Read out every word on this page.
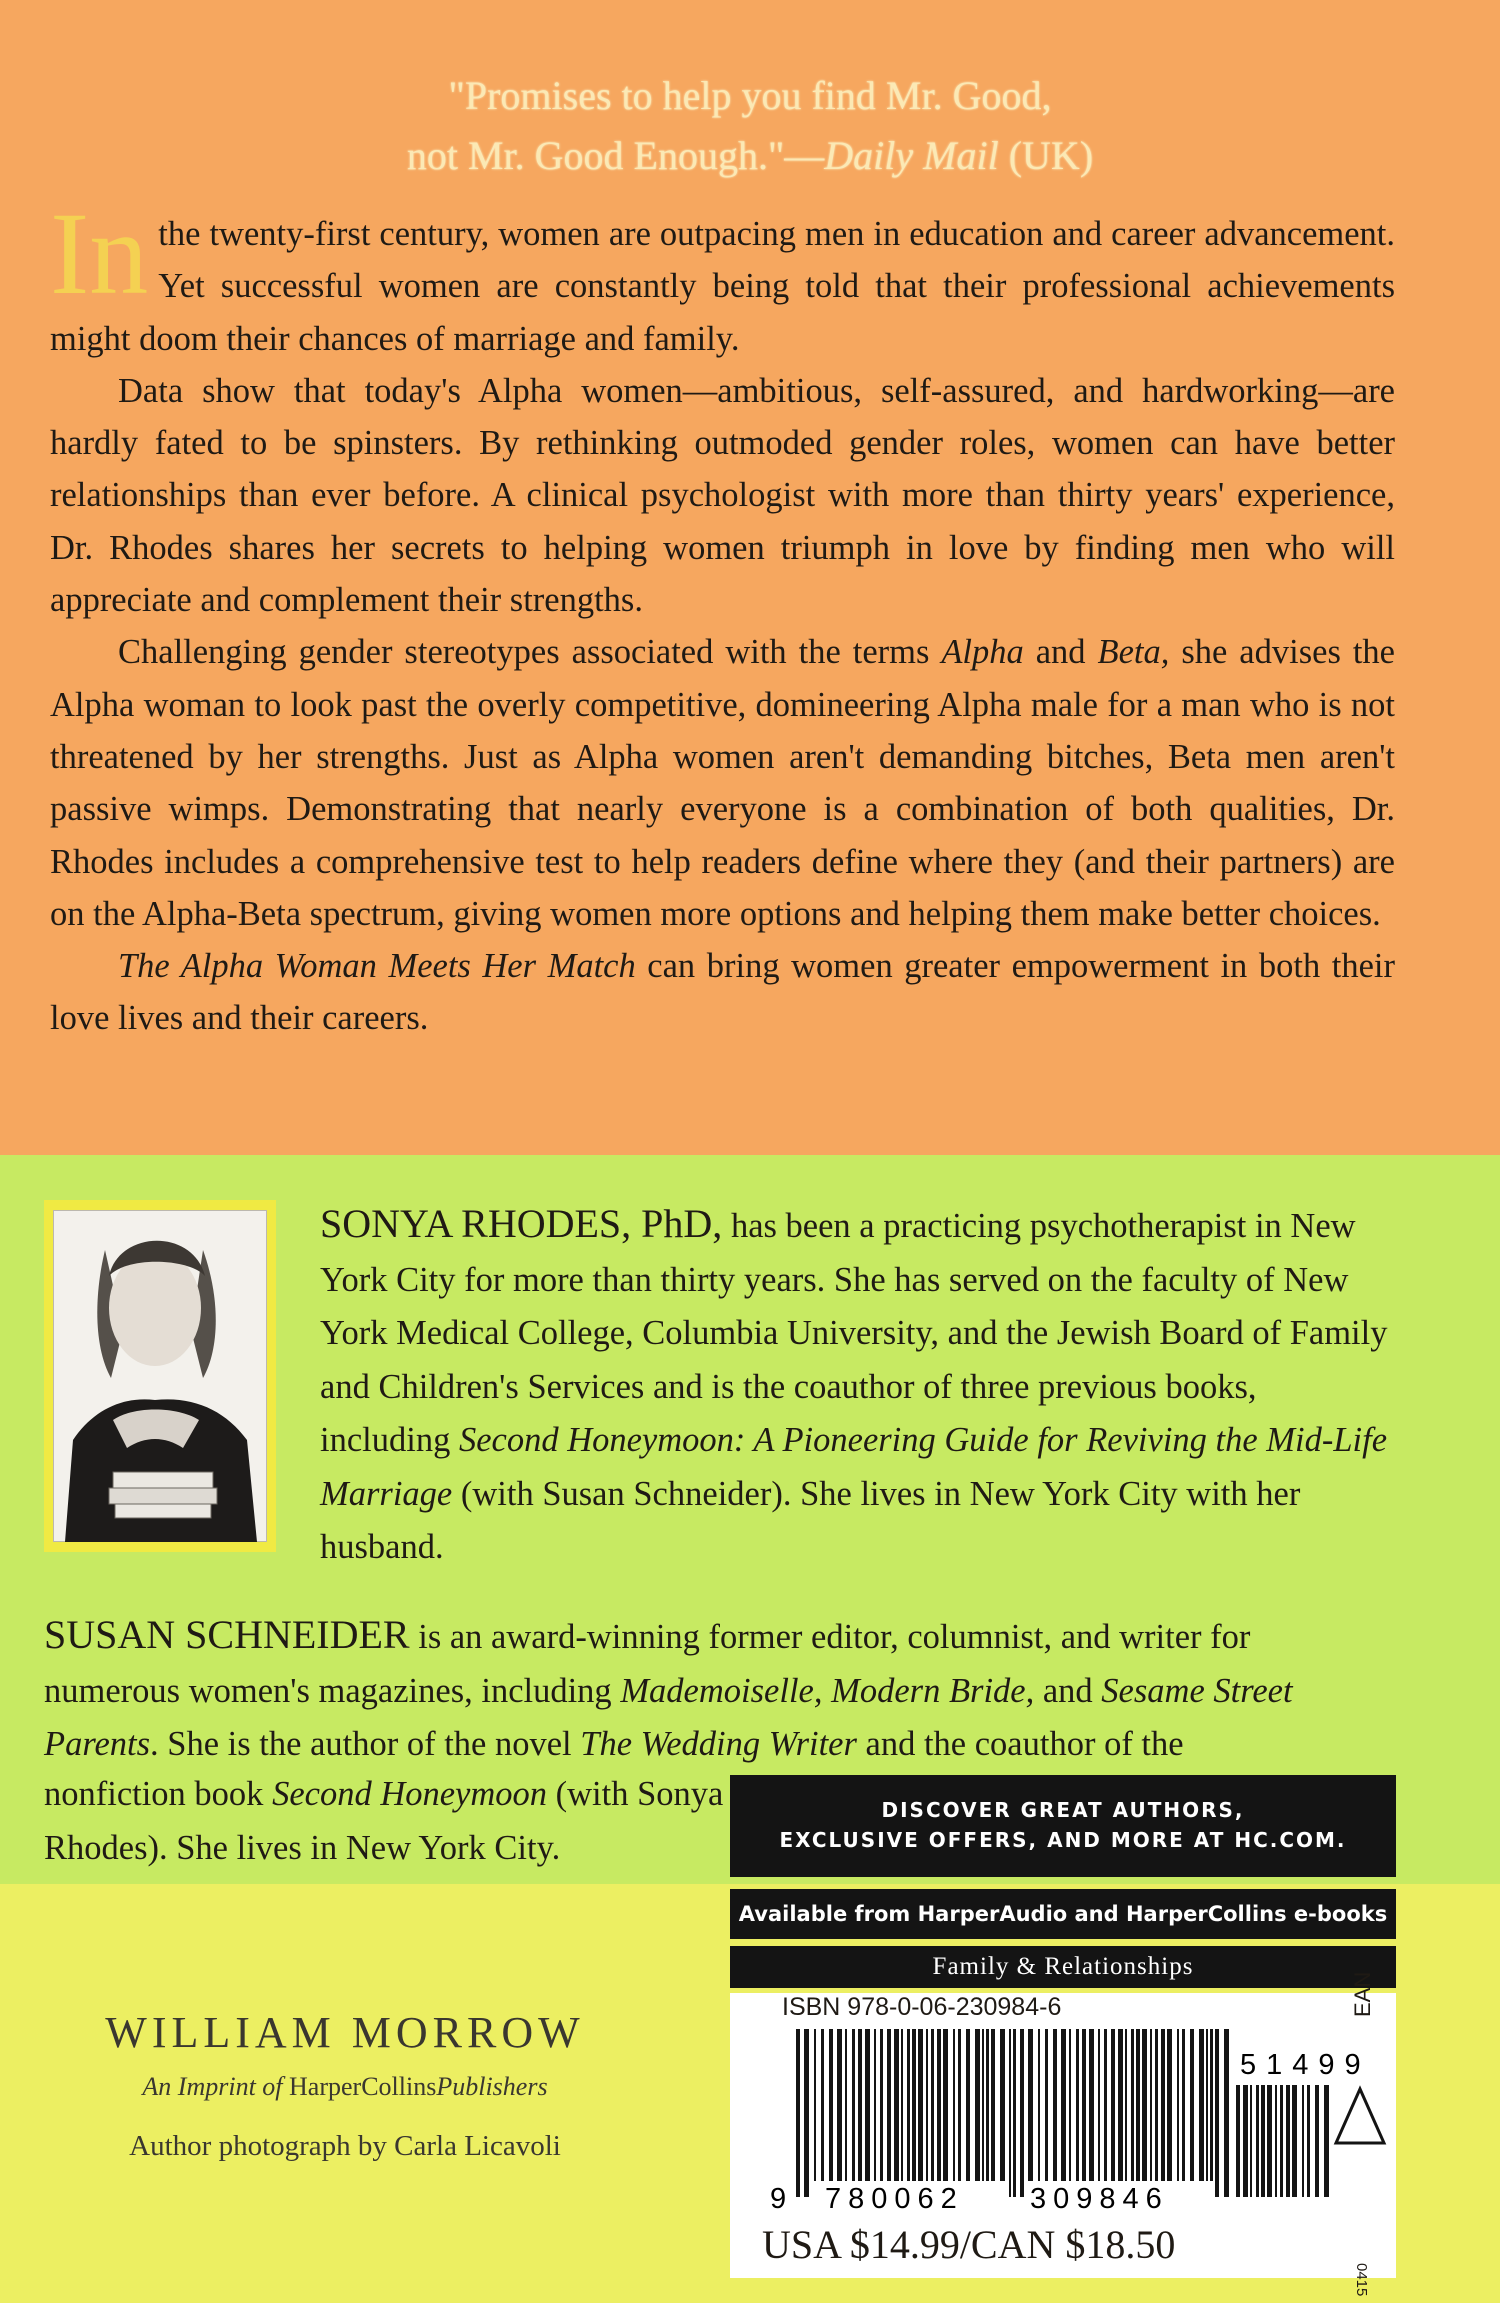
"Promises to help you find Mr. Good,
not Mr. Good Enough."—Daily Mail (UK)

In the twenty-first century, women are outpacing men in education and career advancement. Yet successful women are constantly being told that their professional achievements might doom their chances of marriage and family.

Data show that today's Alpha women—ambitious, self-assured, and hardworking—are hardly fated to be spinsters. By rethinking outmoded gender roles, women can have better relationships than ever before. A clinical psychologist with more than thirty years' experience, Dr. Rhodes shares her secrets to helping women triumph in love by finding men who will appreciate and complement their strengths.

Challenging gender stereotypes associated with the terms Alpha and Beta, she advises the Alpha woman to look past the overly competitive, domineering Alpha male for a man who is not threatened by her strengths. Just as Alpha women aren't demanding bitches, Beta men aren't passive wimps. Demonstrating that nearly everyone is a combination of both qualities, Dr. Rhodes includes a comprehensive test to help readers define where they (and their partners) are on the Alpha-Beta spectrum, giving women more options and helping them make better choices.

The Alpha Woman Meets Her Match can bring women greater empowerment in both their love lives and their careers.

SONYA RHODES, PhD, has been a practicing psychotherapist in New York City for more than thirty years. She has served on the faculty of New York Medical College, Columbia University, and the Jewish Board of Family and Children's Services and is the coauthor of three previous books, including Second Honeymoon: A Pioneering Guide for Reviving the Mid-Life Marriage (with Susan Schneider). She lives in New York City with her husband.

SUSAN SCHNEIDER is an award-winning former editor, columnist, and writer for numerous women's magazines, including Mademoiselle, Modern Bride, and Sesame Street Parents. She is the author of the novel The Wedding Writer and the coauthor of the

nonfiction book Second Honeymoon (with Sonya Rhodes). She lives in New York City.
WILLIAM MORROW
An Imprint of HarperCollinsPublishers
Author photograph by Carla Licavoli
DISCOVER GREAT AUTHORS,
EXCLUSIVE OFFERS, AND MORE AT HC.COM.
Available from HarperAudio and HarperCollins e-books
Family & Relationships
ISBN 978-0-06-230984-6
9 780062 309846
51499
EAN
USA $14.99/CAN $18.50
0415
